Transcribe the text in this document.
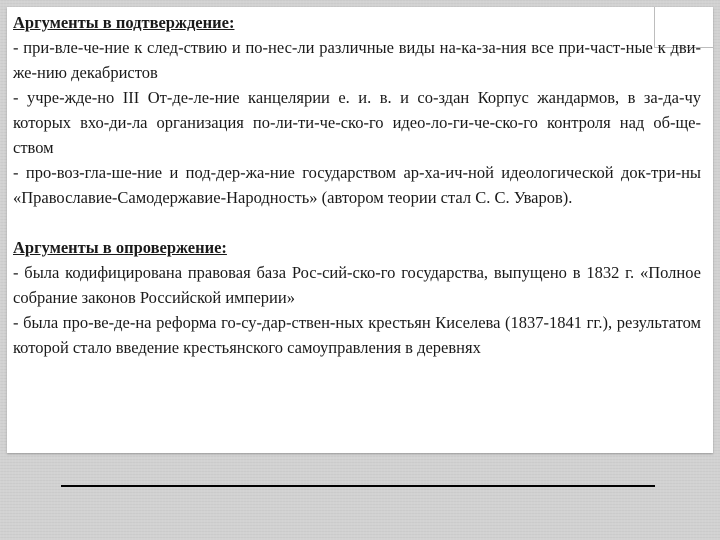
Аргументы в подтверждение:

- при-вле-че-ние к след-ствию и по-нес-ли различные виды на-ка-за-ния все при-част-ные к дви-же-нию декабристов

- учре-жде-но III От-де-ле-ние канцелярии е. и. в. и со-здан Корпус жандармов, в за-да-чу которых вхо-ди-ла организация по-ли-ти-че-ско-го идео-ло-ги-че-ско-го контроля над об-ще-ством

- про-воз-гла-ше-ние и под-дер-жа-ние государством ар-ха-ич-ной идеологической док-три-ны «Православие-Самодержавие-Народность» (автором теории стал С. С. Уваров).

Аргументы в опровержение:

- была кодифицирована правовая база Рос-сий-ско-го государства, выпущено в 1832 г. «Полное собрание законов Российской империи»

- была про-ве-де-на реформа го-су-дар-ствен-ных крестьян Киселева (1837-1841 гг.), результатом которой стало введение крестьянского самоуправления в деревнях
